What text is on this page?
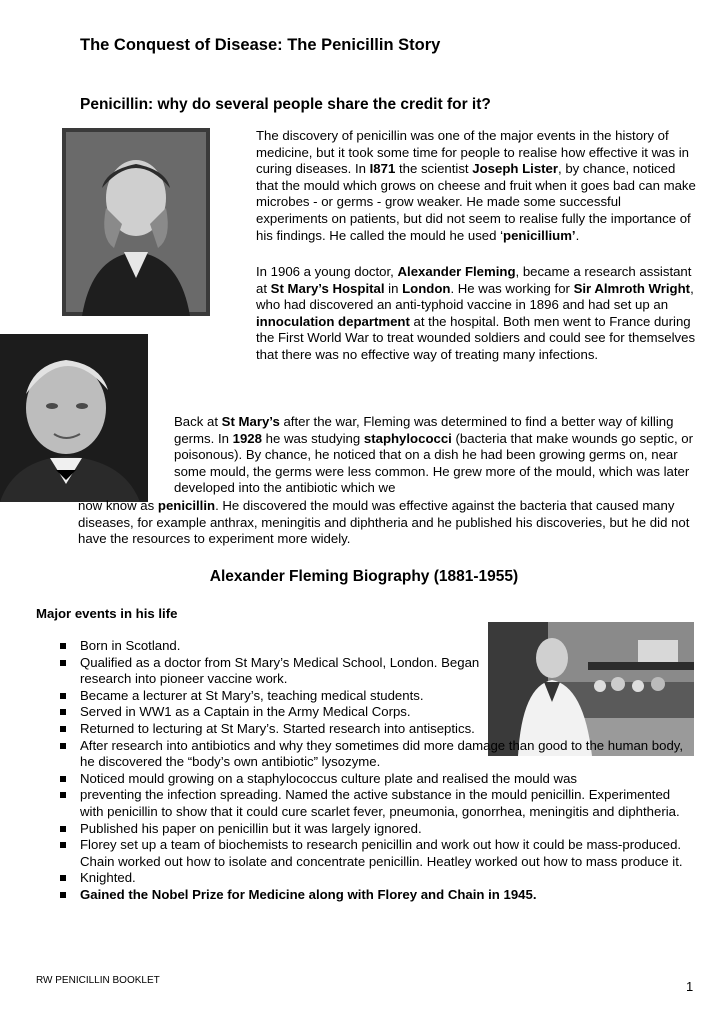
The Conquest of Disease: The Penicillin Story
Penicillin: why do several people share the credit for it?
The discovery of penicillin was one of the major events in the history of medicine, but it took some time for people to realise how effective it was in curing diseases. In I871 the scientist Joseph Lister, by chance, noticed that the mould which grows on cheese and fruit when it goes bad can make microbes - or germs - grow weaker. He made some successful experiments on patients, but did not seem to realise fully the importance of his findings. He called the mould he used ‘penicillium’.
In 1906 a young doctor, Alexander Fleming, became a research assistant at St Mary’s Hospital in London. He was working for Sir Almroth Wright, who had discovered an anti-typhoid vaccine in 1896 and had set up an innoculation department at the hospital. Both men went to France during the First World War to treat wounded soldiers and could see for themselves that there was no effective way of treating many infections.
Back at St Mary’s after the war, Fleming was determined to find a better way of killing germs. In 1928 he was studying staphylococci (bacteria that make wounds go septic, or poisonous). By chance, he noticed that on a dish he had been growing germs on, near some mould, the germs were less common. He grew more of the mould, which was later developed into the antibiotic which we
now know as penicillin. He discovered the mould was effective against the bacteria that caused many diseases, for example anthrax, meningitis and diphtheria and he published his discoveries, but he did not have the resources to experiment more widely.
Alexander Fleming Biography (1881-1955)
Major events in his life
Born in Scotland.
Qualified as a doctor from St Mary’s Medical School, London. Began research into pioneer vaccine work.
Became a lecturer at St Mary’s, teaching medical students.
Served in WW1 as a Captain in the Army Medical Corps.
Returned to lecturing at St Mary’s. Started research into antiseptics.
After research into antibiotics and why they sometimes did more damage than good to the human body, he discovered the “body’s own antibiotic” lysozyme.
Noticed mould growing on a staphylococcus culture plate and realised the mould was
preventing the infection spreading. Named the active substance in the mould penicillin. Experimented with penicillin to show that it could cure scarlet fever, pneumonia, gonorrhea, meningitis and diphtheria.
Published his paper on penicillin but it was largely ignored.
Florey set up a team of biochemists to research penicillin and work out how it could be mass-produced. Chain worked out how to isolate and concentrate penicillin. Heatley worked out how to mass produce it.
Knighted.
Gained the Nobel Prize for Medicine along with Florey and Chain in 1945.
RW PENICILLIN BOOKLET	1
